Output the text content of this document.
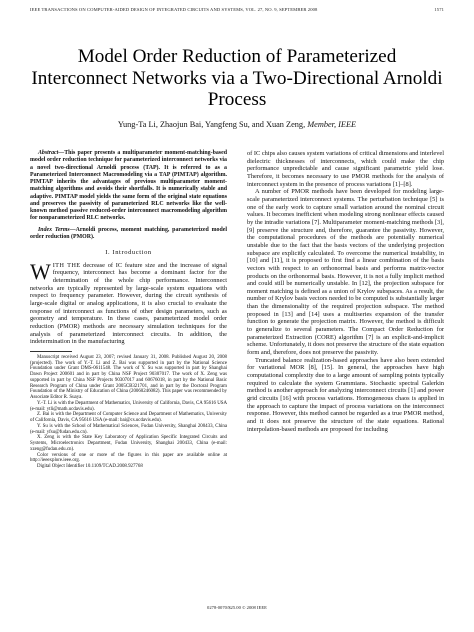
IEEE TRANSACTIONS ON COMPUTER-AIDED DESIGN OF INTEGRATED CIRCUITS AND SYSTEMS, VOL. 27, NO. 9, SEPTEMBER 2008	1571
Model Order Reduction of Parameterized Interconnect Networks via a Two-Directional Arnoldi Process
Yung-Ta Li, Zhaojun Bai, Yangfeng Su, and Xuan Zeng, Member, IEEE

Abstract—This paper presents a multiparameter moment-matching-based model order reduction technique for parameterized interconnect networks via a novel two-directional Arnoldi process (TAP). It is referred to as a Parameterized Interconnect Macromodeling via a TAP (PIMTAP) algorithm. PIMTAP inherits the advantages of previous multiparameter moment-matching algorithms and avoids their shortfalls. It is numerically stable and adaptive. PIMTAP model yields the same form of the original state equations and preserves the passivity of parameterized RLC networks like the well-known method passive reduced-order interconnect macromodeling algorithm for nonparameterized RLC networks.

Index Terms—Arnoldi process, moment matching, parameterized model order reduction (PMOR).

I. Introduction

WITH THE decrease of IC feature size and the increase of signal frequency, interconnect has become a dominant factor for the determination of the whole chip performance. Interconnect networks are typically represented by large-scale system equations with respect to frequency parameter. However, during the circuit synthesis of large-scale digital or analog applications, it is also crucial to evaluate the response of interconnect as functions of other design parameters, such as geometry and temperature. In these cases, parameterized model order reduction (PMOR) methods are necessary simulation techniques for the analysis of parameterized interconnect circuits. In addition, the indetermination in the manufacturing

Manuscript received August 23, 2007; revised January 31, 2008. Published August 20, 2008 (projected). The work of Y.-T. Li and Z. Bai was supported in part by the National Science Foundation under Grant DMS-0611548. The work of Y. Su was supported in part by Shanghai Dawn Project 200601 and in part by China NSF Project 90307017. The work of X. Zeng was supported in part by China NSF Projects 90307017 and 60676018, in part by the National Basic Research Program of China under Grant 2005CB321701, and in part by the Doctoral Program Foundation of the Ministry of Education of China (20060246082). This paper was recommended by Associate Editor R. Suaya.

Y.-T. Li is with the Department of Mathematics, University of California, Davis, CA 95616 USA (e-mail: ytli@math.ucdavis.edu).

Z. Bai is with the Department of Computer Science and Department of Mathematics, University of California, Davis, CA 95616 USA (e-mail: bai@cs.ucdavis.edu).

Y. Su is with the School of Mathematical Sciences, Fudan University, Shanghai 200433, China (e-mail: yfsu@fudan.edu.cn).

X. Zeng is with the State Key Laboratory of Application Specific Integrated Circuits and Systems, Microelectronics Department, Fudan University, Shanghai 200433, China (e-mail: xzeng@fudan.edu.cn).

Color versions of one or more of the figures in this paper are available online at http://ieeexplore.ieee.org.

Digital Object Identifier 10.1109/TCAD.2008.927768

of IC chips also causes system variations of critical dimensions and interlevel dielectric thicknesses of interconnects, which could make the chip performance unpredictable and cause significant parametric yield lose. Therefore, it becomes necessary to use PMOR methods for the analysis of interconnect system in the presence of process variations [1]–[8].

A number of PMOR methods have been developed for modeling large-scale parameterized interconnect systems. The perturbation technique [5] is one of the early work to capture small variation around the nominal circuit values. It becomes inefficient when modeling strong nonlinear effects caused by the intradie variations [7]. Multiparameter moment-matching methods [3], [9] preserve the structure and, therefore, guarantee the passivity. However, the computational procedures of the methods are potentially numerical unstable due to the fact that the basis vectors of the underlying projection subspace are explicitly calculated. To overcome the numerical instability, in [10] and [11], it is proposed to first find a linear combination of the basis vectors with respect to an orthonormal basis and performs matrix-vector products on the orthonormal basis. However, it is not a fully implicit method and could still be numerically unstable. In [12], the projection subspace for moment matching is defined as a union of Krylov subspaces. As a result, the number of Krylov basis vectors needed to be computed is substantially larger than the dimensionality of the required projection subspace. The method proposed in [13] and [14] uses a multiseries expansion of the transfer function to generate the projection matrix. However, the method is difficult to generalize to several parameters. The Compact Order Reduction for parameterized Extraction (CORE) algorithm [7] is an explicit-and-implicit scheme. Unfortunately, it does not preserve the structure of the state equation form and, therefore, does not preserve the passivity.

Truncated balance realization-based approaches have also been extended for variational MOR [8], [15]. In general, the approaches have high computational complexity due to a large amount of sampling points typically required to calculate the system Grammians. Stochastic spectral Galerkin method is another approach for analyzing interconnect circuits [1] and power grid circuits [16] with process variations. Homogeneous chaos is applied in the approach to capture the impact of process variations on the interconnect response. However, this method cannot be regarded as a true PMOR method, and it does not preserve the structure of the state equations. Rational interpolation-based methods are proposed for including

0278-0070/$25.00 © 2008 IEEE
